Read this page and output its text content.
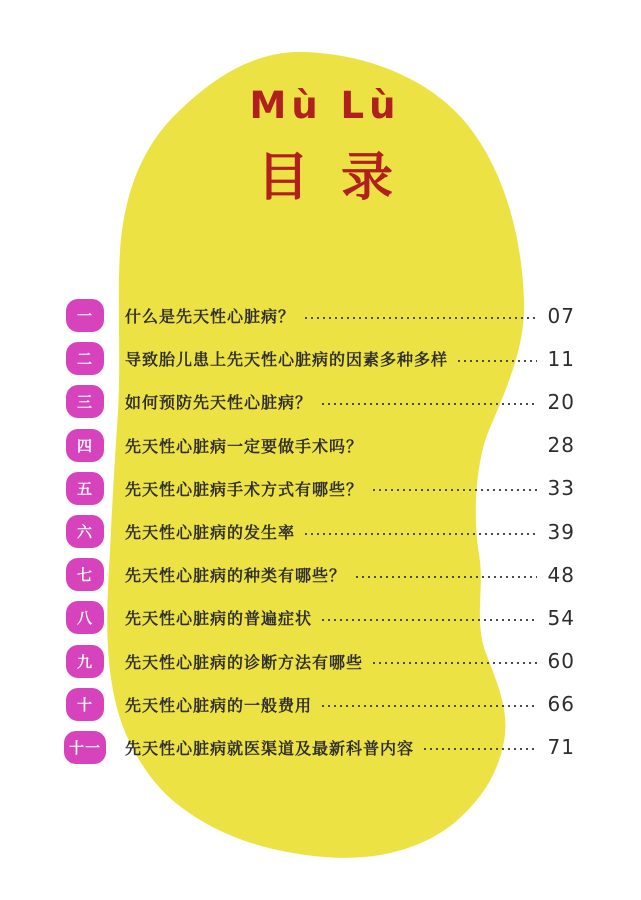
Mù Lù
目录
一	什么是先天性心脏病？	07
二	导致胎儿患上先天性心脏病的因素多种多样	11
三	如何预防先天性心脏病？	20
四	先天性心脏病一定要做手术吗？	28
五	先天性心脏病手术方式有哪些？	33
六	先天性心脏病的发生率	39
七	先天性心脏病的种类有哪些？	48
八	先天性心脏病的普遍症状	54
九	先天性心脏病的诊断方法有哪些	60
十	先天性心脏病的一般费用	66
十一	先天性心脏病就医渠道及最新科普内容	71
